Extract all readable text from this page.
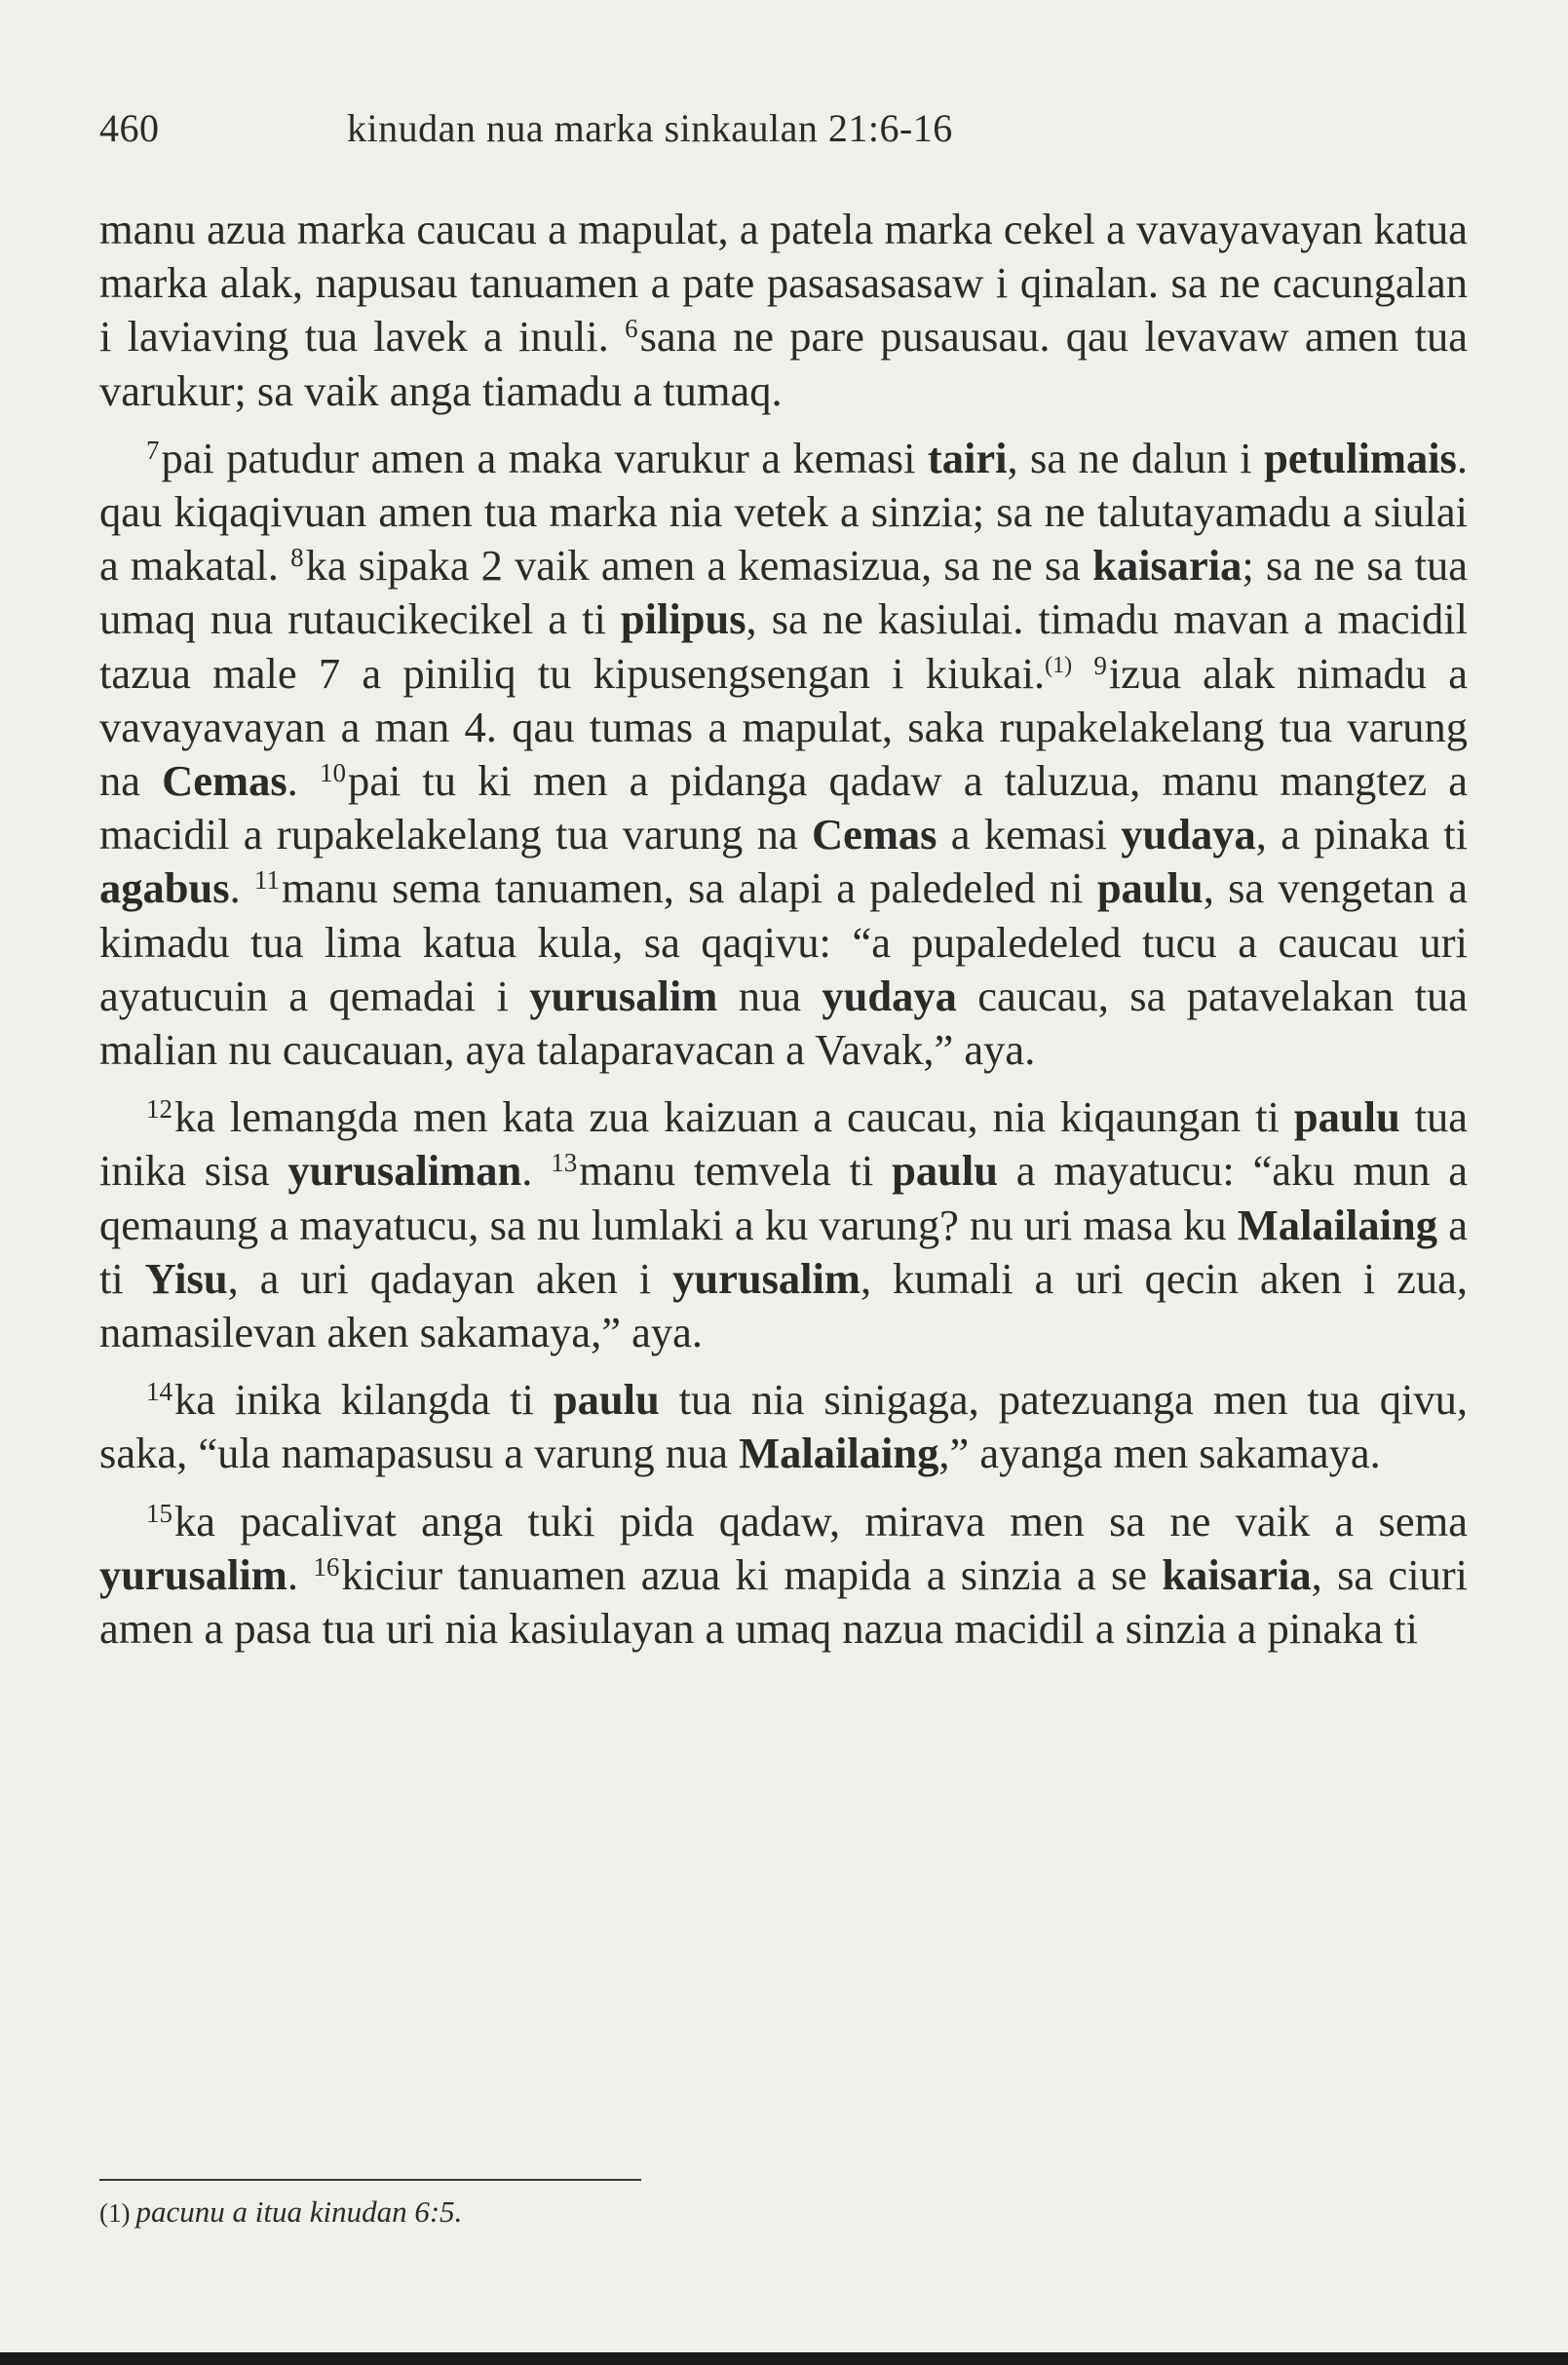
460	kinudan nua marka sinkaulan 21:6-16

manu azua marka caucau a mapulat, a patela marka cekel a vavayavayan katua marka alak, napusau tanuamen a pate pasasasasaw i qinalan. sa ne cacungalan i laviaving tua lavek a inuli. $^6$sana ne pare pusausau. qau levavaw amen tua varukur; sa vaik anga tiamadu a tumaq.

$^7$pai patudur amen a maka varukur a kemasi tairi, sa ne dalun i petulimais. qau kiqaqivuan amen tua marka nia vetek a sinzia; sa ne talutayamadu a siulai a makatal. $^8$ka sipaka 2 vaik amen a kemasizua, sa ne sa kaisaria; sa ne sa tua umaq nua rutaucikecikel a ti pilipus, sa ne kasiulai. timadu mavan a macidil tazua male 7 a piniliq tu kipusengsengan i kiukai.$^{(1)}$ $^9$izua alak nimadu a vavayavayan a man 4. qau tumas a mapulat, saka rupakelakelang tua varung na Cemas. $^{10}$pai tu ki men a pidanga qadaw a taluzua, manu mangtez a macidil a rupakelakelang tua varung na Cemas a kemasi yudaya, a pinaka ti agabus. $^{11}$manu sema tanuamen, sa alapi a paledeled ni paulu, sa vengetan a kimadu tua lima katua kula, sa qaqivu: “a pupaledeled tucu a caucau uri ayatucuin a qemadai i yurusalim nua yudaya caucau, sa patavelakan tua malian nu caucauan, aya talaparavacan a Vavak,” aya.

$^{12}$ka lemangda men kata zua kaizuan a caucau, nia kiqaungan ti paulu tua inika sisa yurusaliman. $^{13}$manu temvela ti paulu a mayatucu: “aku mun a qemaung a mayatucu, sa nu lumlaki a ku varung? nu uri masa ku Malailaing a ti Yisu, a uri qadayan aken i yurusalim, kumali a uri qecin aken i zua, namasilevan aken sakamaya,” aya.

$^{14}$ka inika kilangda ti paulu tua nia sinigaga, patezuanga men tua qivu, saka, “ula namapasusu a varung nua Malailaing,” ayanga men sakamaya.

$^{15}$ka pacalivat anga tuki pida qadaw, mirava men sa ne vaik a sema yurusalim. $^{16}$kiciur tanuamen azua ki mapida a sinzia a se kaisaria, sa ciuri amen a pasa tua uri nia kasiulayan a umaq nazua macidil a sinzia a pinaka ti

(1) pacunu a itua kinudan 6:5.
